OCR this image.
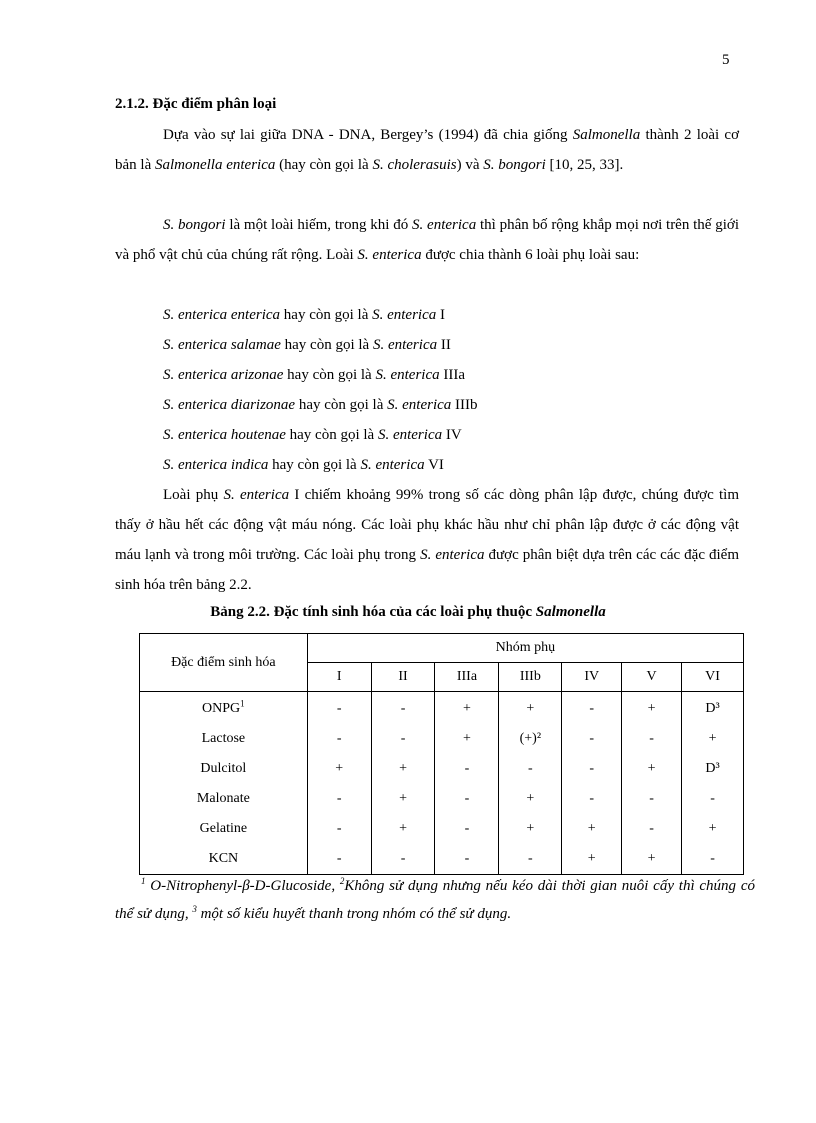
5
2.1.2. Đặc điểm phân loại

Dựa vào sự lai giữa DNA - DNA, Bergey’s (1994) đã chia giống Salmonella thành 2 loài cơ bản là Salmonella enterica (hay còn gọi là S. cholerasuis) và S. bongori [10, 25, 33].

S. bongori là một loài hiếm, trong khi đó S. enterica thì phân bố rộng khắp mọi nơi trên thế giới và phổ vật chủ của chúng rất rộng. Loài S. enterica được chia thành 6 loài phụ loài sau:

S. enterica enterica hay còn gọi là S. enterica I
S. enterica salamae hay còn gọi là S. enterica II
S. enterica arizonae hay còn gọi là S. enterica IIIa
S. enterica diarizonae hay còn gọi là S. enterica IIIb
S. enterica houtenae hay còn gọi là S. enterica IV
S. enterica indica hay còn gọi là S. enterica VI

Loài phụ S. enterica I chiếm khoảng 99% trong số các dòng phân lập được, chúng được tìm thấy ở hầu hết các động vật máu nóng. Các loài phụ khác hầu như chỉ phân lập được ở các động vật máu lạnh và trong môi trường. Các loài phụ trong S. enterica được phân biệt dựa trên các các đặc điểm sinh hóa trên bảng 2.2.

Bảng 2.2. Đặc tính sinh hóa của các loài phụ thuộc Salmonella
Đặc điểm sinh hóa	Nhóm phụ						
	I	II	IIIa	IIIb	IV	V	VI
ONPG$^1$	-	-	+	+	-	+	D³
Lactose	-	-	+	(+)²	-	-	+
Dulcitol	+	+	-	-	-	+	D³
Malonate	-	+	-	+	-	-	-
Gelatine	-	+	-	+	+	-	+
KCN	-	-	-	-	+	+	-
$^1$ O-Nitrophenyl-β-D-Glucoside, $^2$Không sử dụng nhưng nếu kéo dài thời gian nuôi cấy thì chúng có thể sử dụng, $^3$ một số kiểu huyết thanh trong nhóm có thể sử dụng.
